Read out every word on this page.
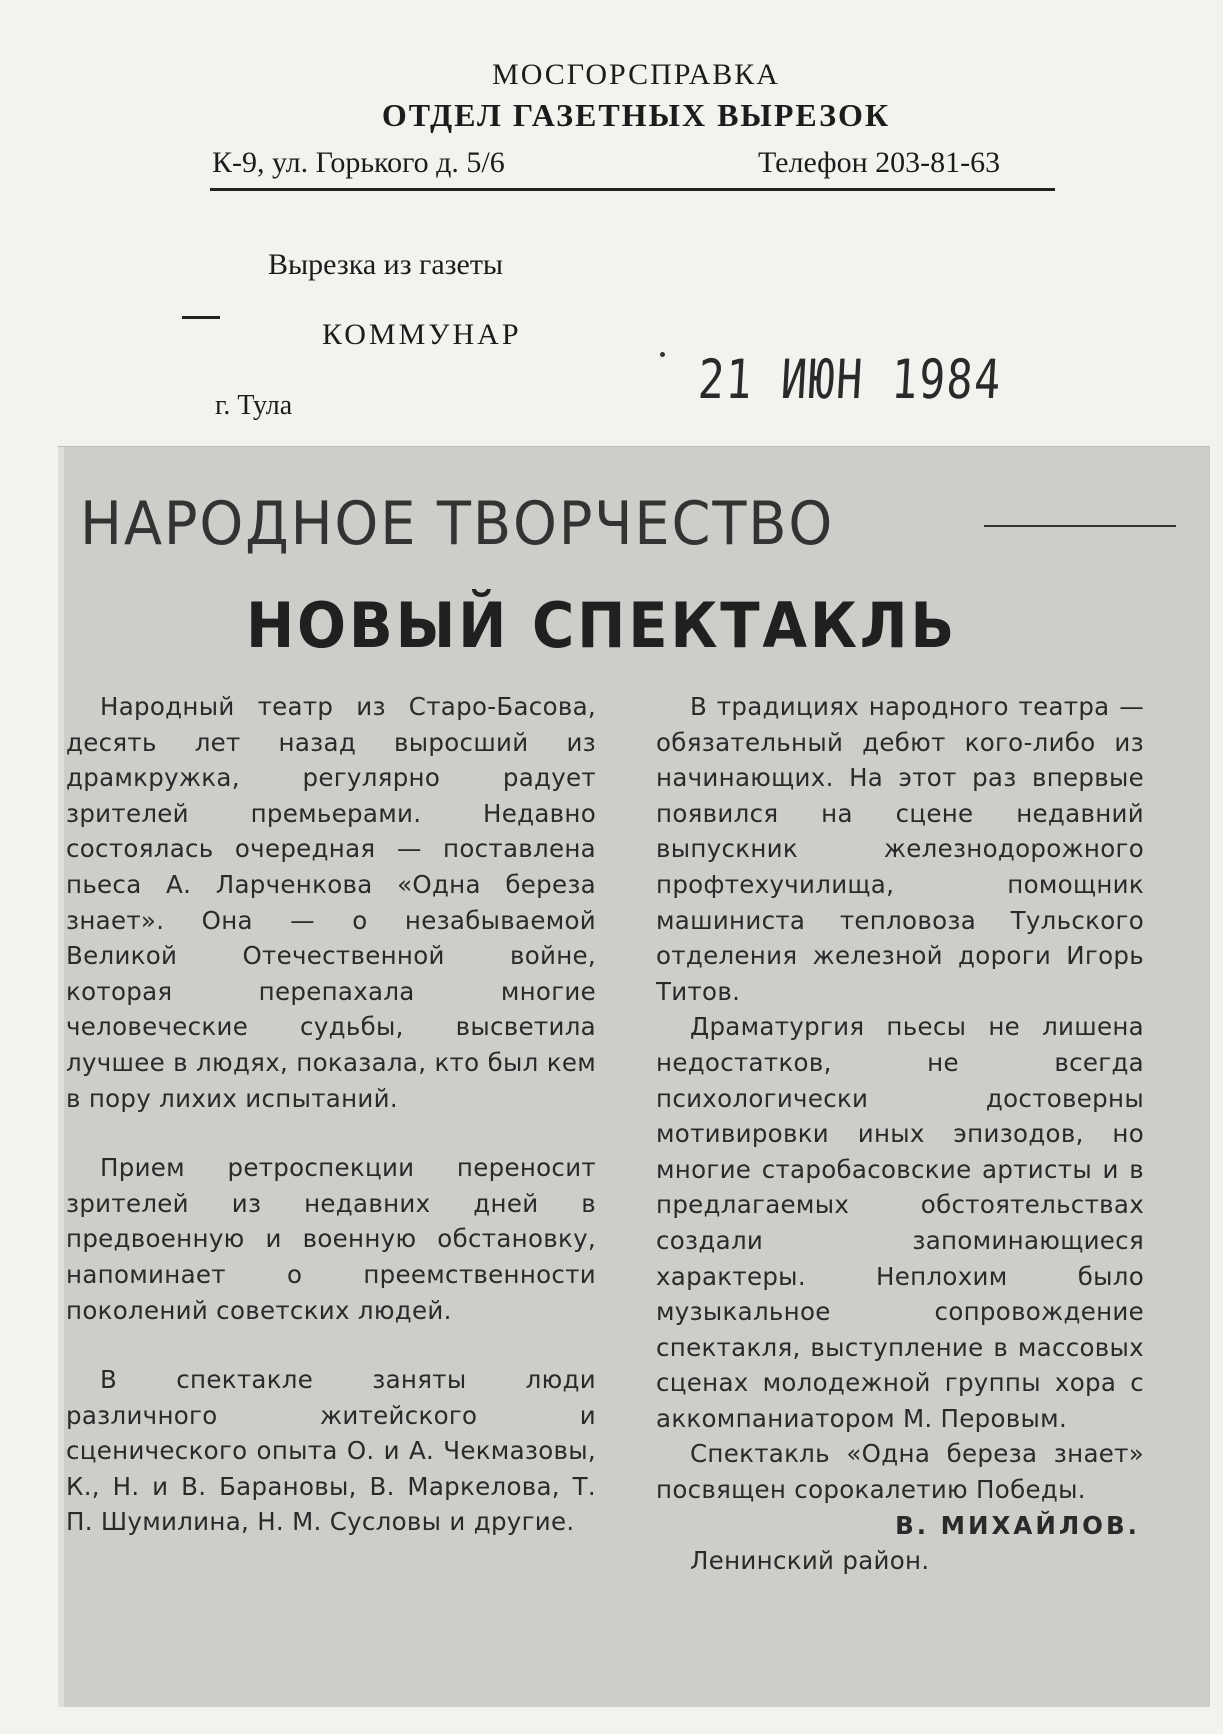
МОСГОРСПРАВКА
ОТДЕЛ ГАЗЕТНЫХ ВЫРЕЗОК
К-9, ул. Горького д. 5/6	Телефон 203-81-63
Вырезка из газеты
КОММУНАР
г. Тула	21 ИЮН 1984
НАРОДНОЕ ТВОРЧЕСТВО
НОВЫЙ СПЕКТАКЛЬ

Народный театр из Старо-Басова, десять лет назад выросший из драмкружка, регулярно радует зрителей премьерами. Недавно состоялась очередная — поставлена пьеса А. Ларченкова «Одна береза знает». Она — о незабываемой Великой Отечественной войне, которая перепахала многие человеческие судьбы, высветила лучшее в людях, показала, кто был кем в пору лихих испытаний.

Прием ретроспекции переносит зрителей из недавних дней в предвоенную и военную обстановку, напоминает о преемственности поколений советских людей.

В спектакле заняты люди различного житейского и сценического опыта О. и А. Чекмазовы, К., Н. и В. Барановы, В. Маркелова, Т. П. Шумилина, Н. М. Сусловы и другие.

В традициях народного театра — обязательный дебют кого-либо из начинающих. На этот раз впервые появился на сцене недавний выпускник железнодорожного профтехучилища, помощник машиниста тепловоза Тульского отделения железной дороги Игорь Титов.

Драматургия пьесы не лишена недостатков, не всегда психологически достоверны мотивировки иных эпизодов, но многие старобасовские артисты и в предлагаемых обстоятельствах создали запоминающиеся характеры. Неплохим было музыкальное сопровождение спектакля, выступление в массовых сценах молодежной группы хора с аккомпаниатором М. Перовым.

Спектакль «Одна береза знает» посвящен сорокалетию Победы.

В. МИХАЙЛОВ.

Ленинский район.
